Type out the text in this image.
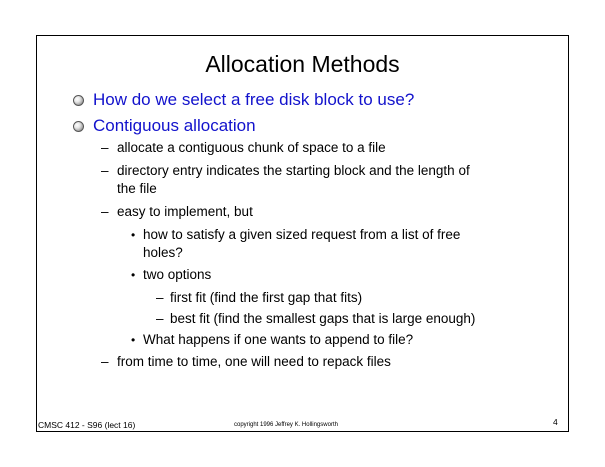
Allocation Methods
How do we select a free disk block to use?
Contiguous allocation
– allocate a contiguous chunk of space to a file
– directory entry indicates the starting block and the length of
the file
– easy to implement, but
• how to satisfy a given sized request from a list of free
holes?
• two options
– first fit (find the first gap that fits)
– best fit (find the smallest gaps that is large enough)
• What happens if one wants to append to file?
– from time to time, one will need to repack files
CMSC 412 - S96 (lect 16)	copyright 1996 Jeffrey K. Hollingsworth	4
